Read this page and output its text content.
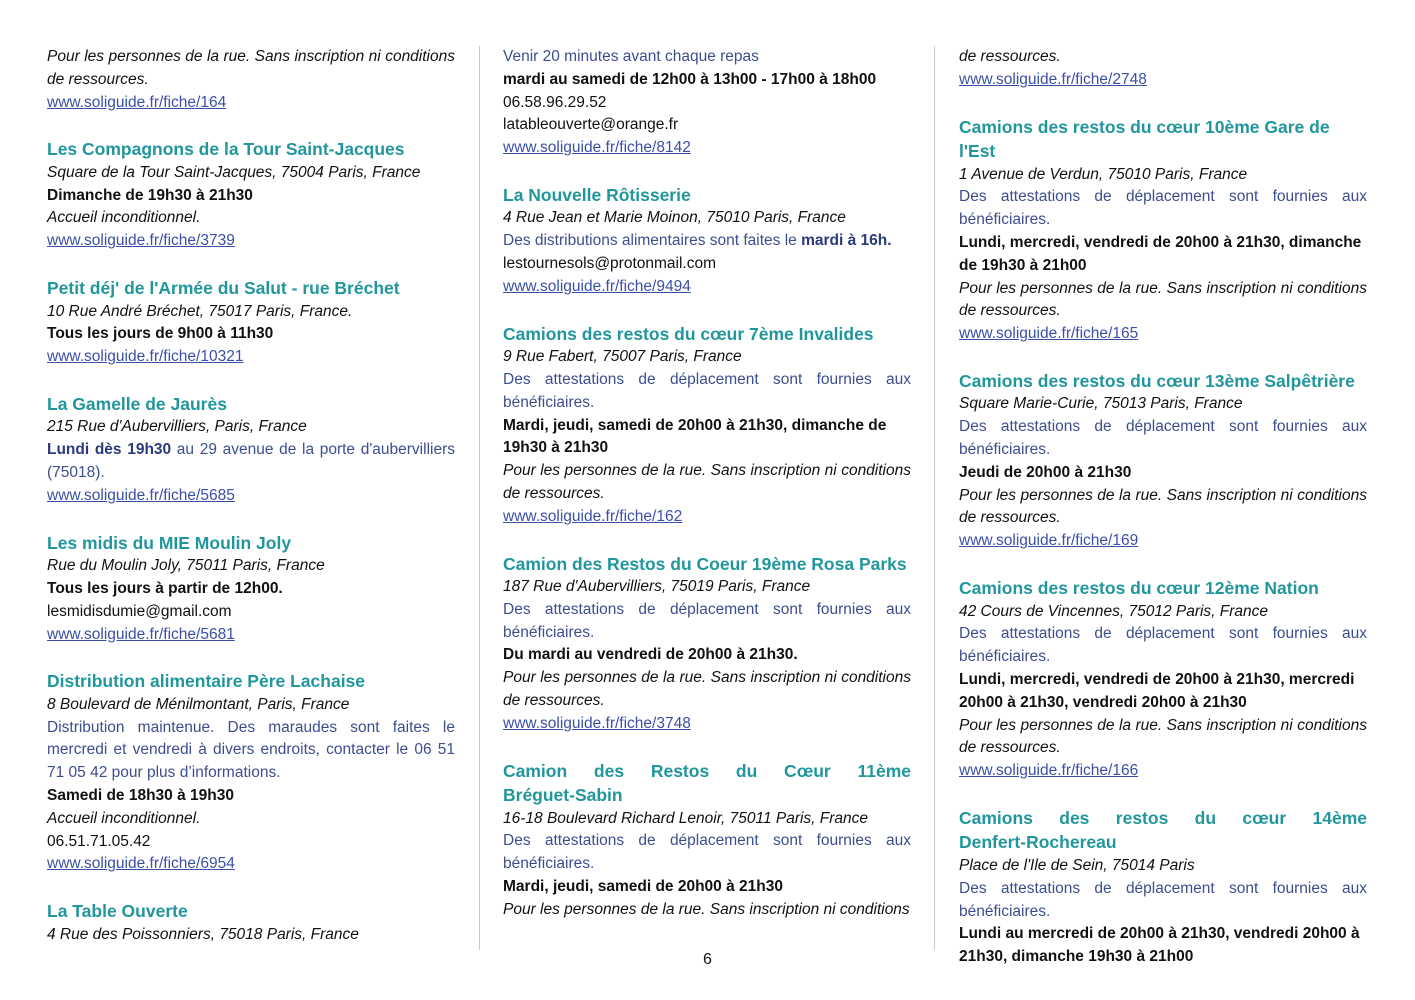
Pour les personnes de la rue. Sans inscription ni conditions de ressources.
www.soliguide.fr/fiche/164
Les Compagnons de la Tour Saint-Jacques
Square de la Tour Saint-Jacques, 75004 Paris, France
Dimanche de 19h30 à 21h30
Accueil inconditionnel.
www.soliguide.fr/fiche/3739
Petit déj' de l'Armée du Salut - rue Bréchet
10 Rue André Bréchet, 75017 Paris, France.
Tous les jours de 9h00 à 11h30
www.soliguide.fr/fiche/10321
La Gamelle de Jaurès
215 Rue d'Aubervilliers, Paris, France
Lundi dès 19h30 au 29 avenue de la porte d'aubervilliers (75018).
www.soliguide.fr/fiche/5685
Les midis du MIE Moulin Joly
Rue du Moulin Joly, 75011 Paris, France
Tous les jours à partir de 12h00.
lesmidisdumie@gmail.com
www.soliguide.fr/fiche/5681
Distribution alimentaire Père Lachaise
8 Boulevard de Ménilmontant, Paris, France
Distribution maintenue. Des maraudes sont faites le mercredi et vendredi à divers endroits, contacter le 06 51 71 05 42 pour plus d’informations.
Samedi de 18h30 à 19h30
Accueil inconditionnel.
06.51.71.05.42
www.soliguide.fr/fiche/6954
La Table Ouverte
4 Rue des Poissonniers, 75018 Paris, France
Venir 20 minutes avant chaque repas
mardi au samedi de 12h00 à 13h00 - 17h00 à 18h00
06.58.96.29.52
latableouverte@orange.fr
www.soliguide.fr/fiche/8142
La Nouvelle Rôtisserie
4 Rue Jean et Marie Moinon, 75010 Paris, France
Des distributions alimentaires sont faites le mardi à 16h.
lestournesols@protonmail.com
www.soliguide.fr/fiche/9494
Camions des restos du cœur 7ème Invalides
9 Rue Fabert, 75007 Paris, France
Des attestations de déplacement sont fournies aux bénéficiaires.
Mardi, jeudi, samedi de 20h00 à 21h30, dimanche de 19h30 à 21h30
Pour les personnes de la rue. Sans inscription ni conditions de ressources.
www.soliguide.fr/fiche/162
Camion des Restos du Coeur 19ème Rosa Parks
187 Rue d'Aubervilliers, 75019 Paris, France
Des attestations de déplacement sont fournies aux bénéficiaires.
Du mardi au vendredi de 20h00 à 21h30.
Pour les personnes de la rue. Sans inscription ni conditions de ressources.
www.soliguide.fr/fiche/3748
Camion des Restos du Cœur 11ème
Bréguet-Sabin
16-18 Boulevard Richard Lenoir, 75011 Paris, France
Des attestations de déplacement sont fournies aux bénéficiaires.
Mardi, jeudi, samedi de 20h00 à 21h30
Pour les personnes de la rue. Sans inscription ni conditions
de ressources.
www.soliguide.fr/fiche/2748
Camions des restos du cœur 10ème Gare de l'Est
1 Avenue de Verdun, 75010 Paris, France
Des attestations de déplacement sont fournies aux bénéficiaires.
Lundi, mercredi, vendredi de 20h00 à 21h30, dimanche de 19h30 à 21h00
Pour les personnes de la rue. Sans inscription ni conditions de ressources.
www.soliguide.fr/fiche/165
Camions des restos du cœur 13ème Salpêtrière
Square Marie-Curie, 75013 Paris, France
Des attestations de déplacement sont fournies aux bénéficiaires.
Jeudi de 20h00 à 21h30
Pour les personnes de la rue. Sans inscription ni conditions de ressources.
www.soliguide.fr/fiche/169
Camions des restos du cœur 12ème Nation
42 Cours de Vincennes, 75012 Paris, France
Des attestations de déplacement sont fournies aux bénéficiaires.
Lundi, mercredi, vendredi de 20h00 à 21h30, mercredi 20h00 à 21h30, vendredi 20h00 à 21h30
Pour les personnes de la rue. Sans inscription ni conditions de ressources.
www.soliguide.fr/fiche/166
Camions des restos du cœur 14ème
Denfert-Rochereau
Place de l'Ile de Sein, 75014 Paris
Des attestations de déplacement sont fournies aux bénéficiaires.
Lundi au mercredi de 20h00 à 21h30, vendredi 20h00 à 21h30, dimanche 19h30 à 21h00
6
